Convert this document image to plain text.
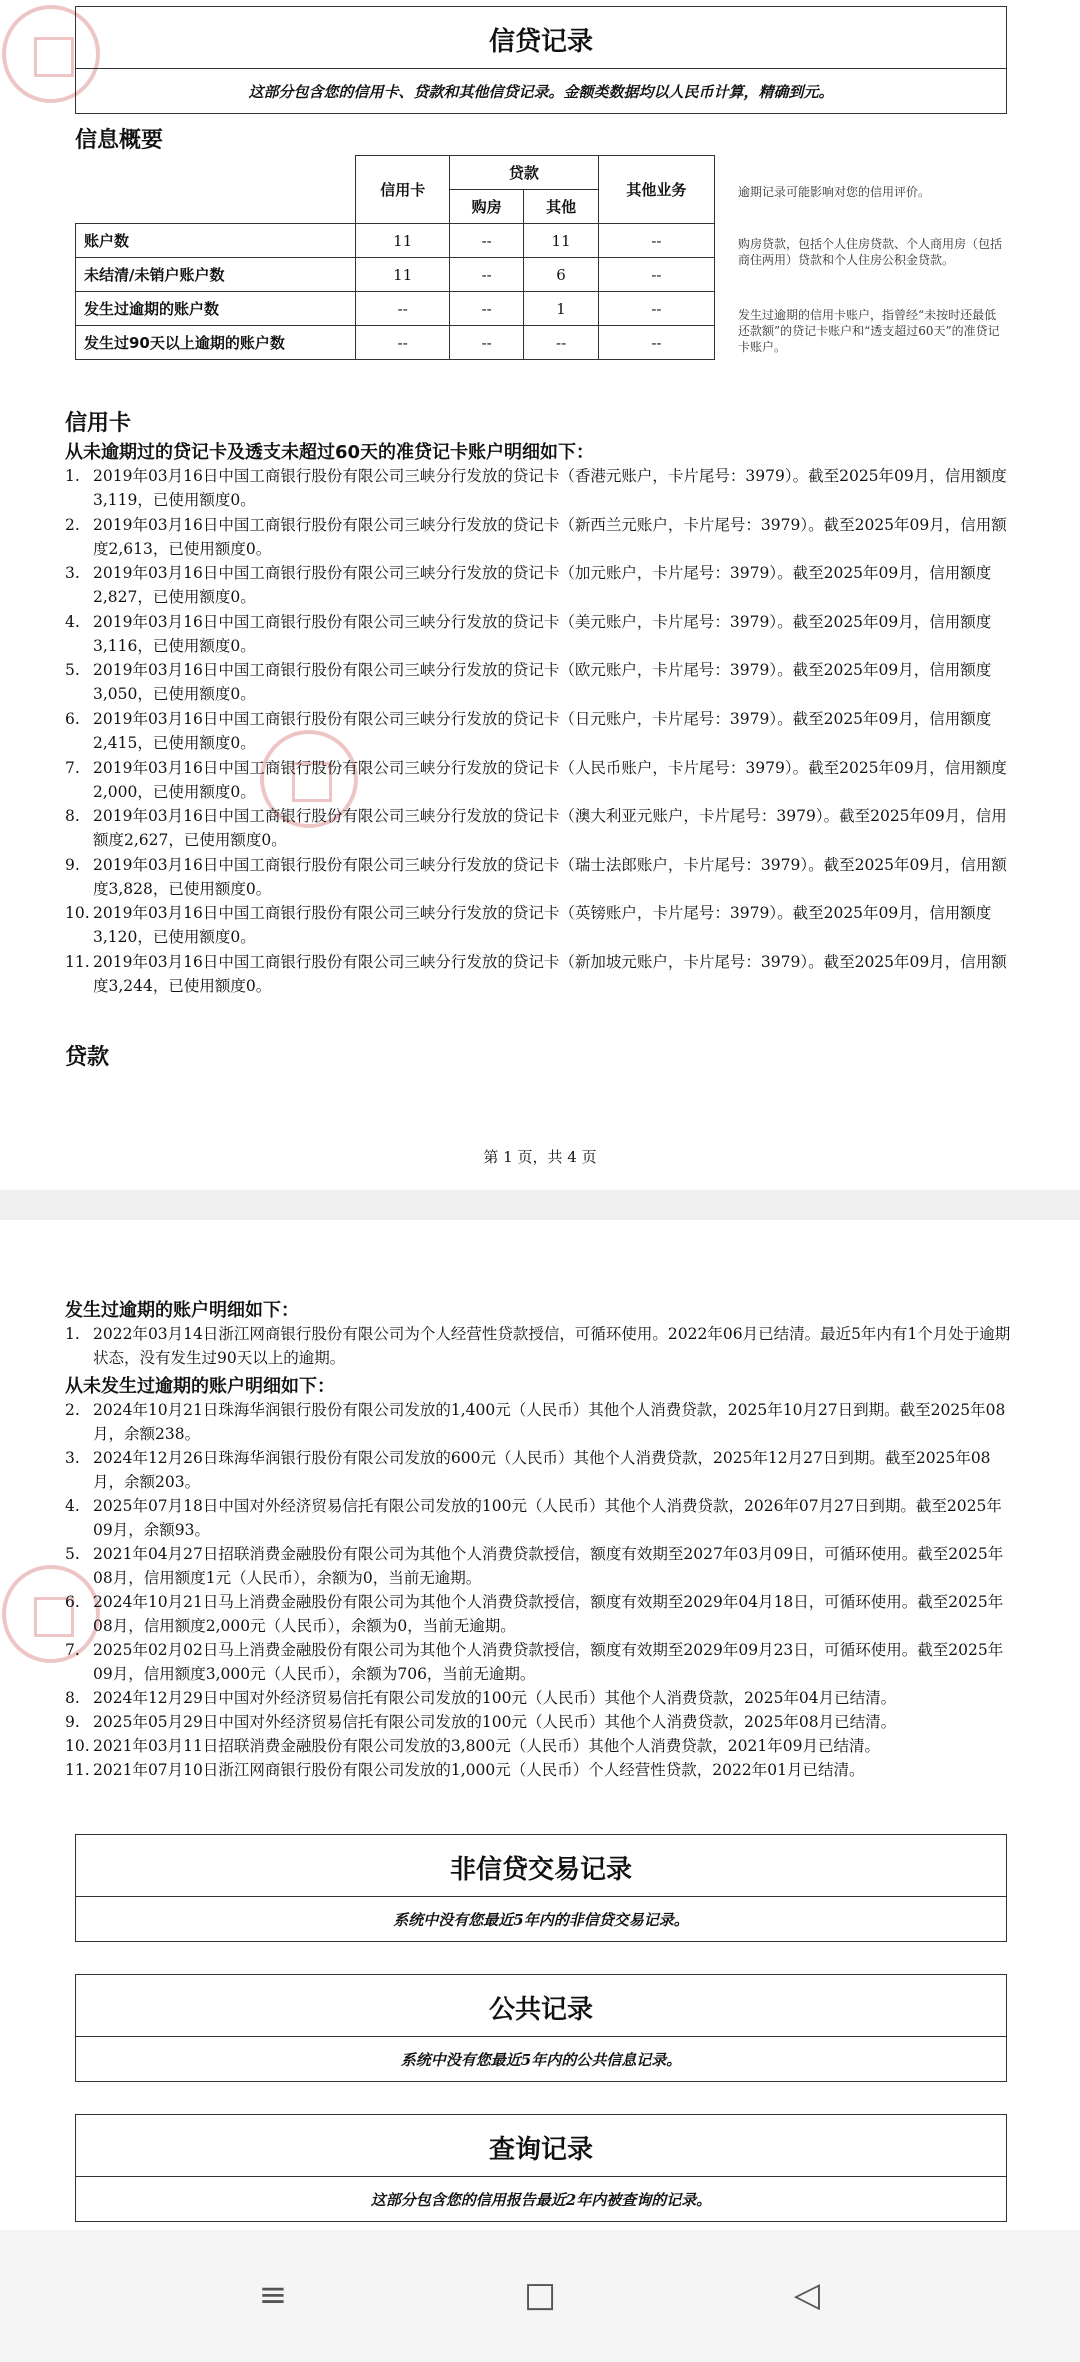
信贷记录
这部分包含您的信用卡、贷款和其他信贷记录。金额类数据均以人民币计算，精确到元。
信息概要
	信用卡	贷款		其他业务
		购房	其他	
账户数	11	--	11	--
未结清/未销户账户数	11	--	6	--
发生过逾期的账户数	--	--	1	--
发生过90天以上逾期的账户数	--	--	--	--
逾期记录可能影响对您的信用评价。
购房贷款，包括个人住房贷款、个人商用房（包括商住两用）贷款和个人住房公积金贷款。
发生过逾期的信用卡账户，指曾经“未按时还最低还款额”的贷记卡账户和“透支超过60天”的准贷记卡账户。
信用卡
从未逾期过的贷记卡及透支未超过60天的准贷记卡账户明细如下：
1. 2019年03月16日中国工商银行股份有限公司三峡分行发放的贷记卡（香港元账户，卡片尾号：3979）。截至2025年09月，信用额度3,119，已使用额度0。
2. 2019年03月16日中国工商银行股份有限公司三峡分行发放的贷记卡（新西兰元账户，卡片尾号：3979）。截至2025年09月，信用额度2,613，已使用额度0。
3. 2019年03月16日中国工商银行股份有限公司三峡分行发放的贷记卡（加元账户，卡片尾号：3979）。截至2025年09月，信用额度2,827，已使用额度0。
4. 2019年03月16日中国工商银行股份有限公司三峡分行发放的贷记卡（美元账户，卡片尾号：3979）。截至2025年09月，信用额度3,116，已使用额度0。
5. 2019年03月16日中国工商银行股份有限公司三峡分行发放的贷记卡（欧元账户，卡片尾号：3979）。截至2025年09月，信用额度3,050，已使用额度0。
6. 2019年03月16日中国工商银行股份有限公司三峡分行发放的贷记卡（日元账户，卡片尾号：3979）。截至2025年09月，信用额度2,415，已使用额度0。
7. 2019年03月16日中国工商银行股份有限公司三峡分行发放的贷记卡（人民币账户，卡片尾号：3979）。截至2025年09月，信用额度2,000，已使用额度0。
8. 2019年03月16日中国工商银行股份有限公司三峡分行发放的贷记卡（澳大利亚元账户，卡片尾号：3979）。截至2025年09月，信用额度2,627，已使用额度0。
9. 2019年03月16日中国工商银行股份有限公司三峡分行发放的贷记卡（瑞士法郎账户，卡片尾号：3979）。截至2025年09月，信用额度3,828，已使用额度0。
10. 2019年03月16日中国工商银行股份有限公司三峡分行发放的贷记卡（英镑账户，卡片尾号：3979）。截至2025年09月，信用额度3,120，已使用额度0。
11. 2019年03月16日中国工商银行股份有限公司三峡分行发放的贷记卡（新加坡元账户，卡片尾号：3979）。截至2025年09月，信用额度3,244，已使用额度0。
贷款
第 1 页，共 4 页
发生过逾期的账户明细如下：
1. 2022年03月14日浙江网商银行股份有限公司为个人经营性贷款授信，可循环使用。2022年06月已结清。最近5年内有1个月处于逾期状态，没有发生过90天以上的逾期。
从未发生过逾期的账户明细如下：
2. 2024年10月21日珠海华润银行股份有限公司发放的1,400元（人民币）其他个人消费贷款，2025年10月27日到期。截至2025年08月，余额238。
3. 2024年12月26日珠海华润银行股份有限公司发放的600元（人民币）其他个人消费贷款，2025年12月27日到期。截至2025年08月，余额203。
4. 2025年07月18日中国对外经济贸易信托有限公司发放的100元（人民币）其他个人消费贷款，2026年07月27日到期。截至2025年09月，余额93。
5. 2021年04月27日招联消费金融股份有限公司为其他个人消费贷款授信，额度有效期至2027年03月09日，可循环使用。截至2025年08月，信用额度1元（人民币），余额为0，当前无逾期。
6. 2024年10月21日马上消费金融股份有限公司为其他个人消费贷款授信，额度有效期至2029年04月18日，可循环使用。截至2025年08月，信用额度2,000元（人民币），余额为0，当前无逾期。
7. 2025年02月02日马上消费金融股份有限公司为其他个人消费贷款授信，额度有效期至2029年09月23日，可循环使用。截至2025年09月，信用额度3,000元（人民币），余额为706，当前无逾期。
8. 2024年12月29日中国对外经济贸易信托有限公司发放的100元（人民币）其他个人消费贷款，2025年04月已结清。
9. 2025年05月29日中国对外经济贸易信托有限公司发放的100元（人民币）其他个人消费贷款，2025年08月已结清。
10. 2021年03月11日招联消费金融股份有限公司发放的3,800元（人民币）其他个人消费贷款，2021年09月已结清。
11. 2021年07月10日浙江网商银行股份有限公司发放的1,000元（人民币）个人经营性贷款，2022年01月已结清。
非信贷交易记录
系统中没有您最近5年内的非信贷交易记录。
公共记录
系统中没有您最近5年内的公共信息记录。
查询记录
这部分包含您的信用报告最近2年内被查询的记录。
≡	□	◁
